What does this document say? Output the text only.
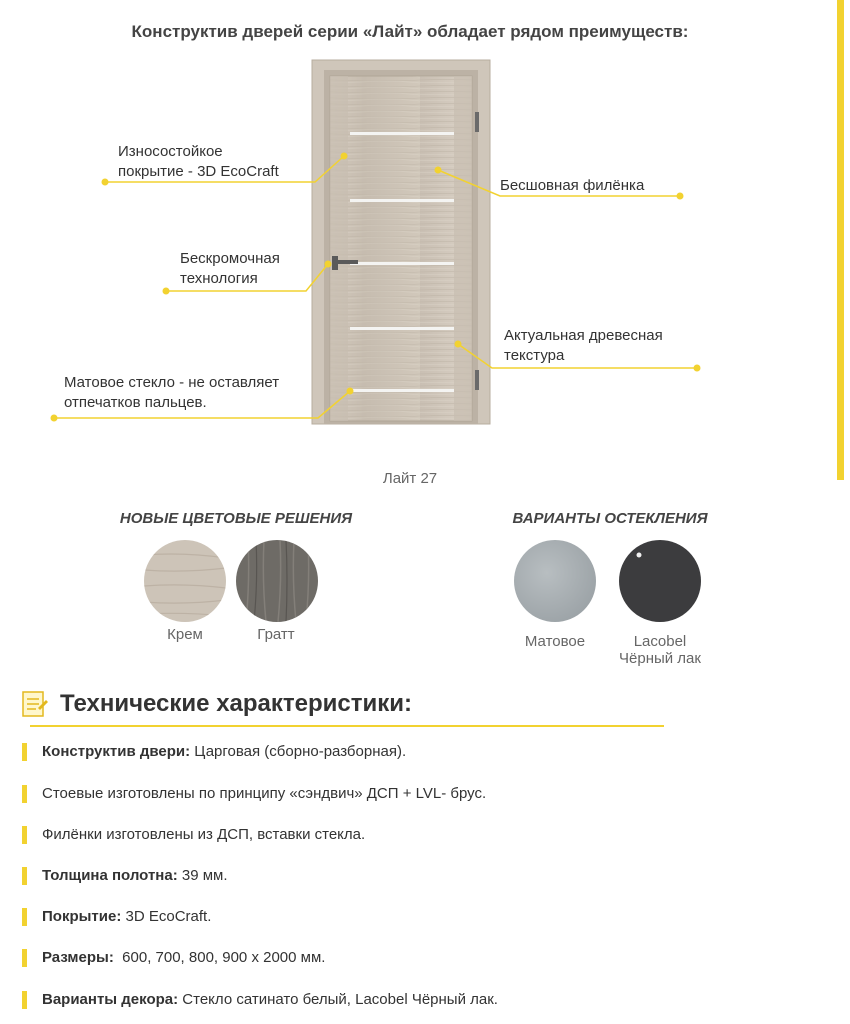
Конструктив дверей серии «Лайт» обладает рядом преимуществ:
Износостойкое
покрытие - 3D EcoCraft
Бесшовная филёнка
Бескромочная
технология
Актуальная древесная
текстура
Матовое стекло - не оставляет
отпечатков пальцев.
Лайт 27
НОВЫЕ ЦВЕТОВЫЕ РЕШЕНИЯ
Крем	Гратт
ВАРИАНТЫ ОСТЕКЛЕНИЯ
Матовое	Lacobel
Чёрный лак
Технические характеристики:
Конструктив двери: Царговая (сборно-разборная).
Стоевые изготовлены по принципу «сэндвич» ДСП + LVL- брус.
Филёнки изготовлены из ДСП, вставки стекла.
Толщина полотна: 39 мм.
Покрытие: 3D EcoCraft.
Размеры:  600, 700, 800, 900 х 2000 мм.
Варианты декора: Стекло сатинато белый, Lacobel Чёрный лак.
